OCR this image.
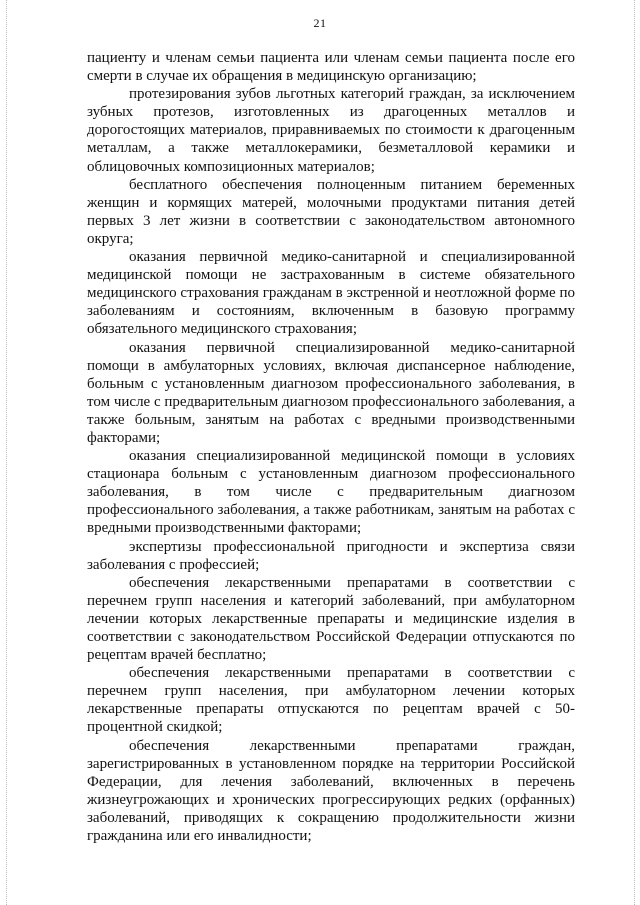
21

пациенту и членам семьи пациента или членам семьи пациента после его смерти в случае их обращения в медицинскую организацию;

протезирования зубов льготных категорий граждан, за исключением зубных протезов, изготовленных из драгоценных металлов и дорогостоящих материалов, приравниваемых по стоимости к драгоценным металлам, а также металлокерамики, безметалловой керамики и облицовочных композиционных материалов;

бесплатного обеспечения полноценным питанием беременных женщин и кормящих матерей, молочными продуктами питания детей первых 3 лет жизни в соответствии с законодательством автономного округа;

оказания первичной медико-санитарной и специализированной медицинской помощи не застрахованным в системе обязательного медицинского страхования гражданам в экстренной и неотложной форме по заболеваниям и состояниям, включенным в базовую программу обязательного медицинского страхования;

оказания первичной специализированной медико-санитарной помощи в амбулаторных условиях, включая диспансерное наблюдение, больным с установленным диагнозом профессионального заболевания, в том числе с предварительным диагнозом профессионального заболевания, а также больным, занятым на работах с вредными производственными факторами;

оказания специализированной медицинской помощи в условиях стационара больным с установленным диагнозом профессионального заболевания, в том числе с предварительным диагнозом профессионального заболевания, а также работникам, занятым на работах с вредными производственными факторами;

экспертизы профессиональной пригодности и экспертиза связи заболевания с профессией;

обеспечения лекарственными препаратами в соответствии с перечнем групп населения и категорий заболеваний, при амбулаторном лечении которых лекарственные препараты и медицинские изделия в соответствии с законодательством Российской Федерации отпускаются по рецептам врачей бесплатно;

обеспечения лекарственными препаратами в соответствии с перечнем групп населения, при амбулаторном лечении которых лекарственные препараты отпускаются по рецептам врачей с 50-процентной скидкой;

обеспечения лекарственными препаратами граждан, зарегистрированных в установленном порядке на территории Российской Федерации, для лечения заболеваний, включенных в перечень жизнеугрожающих и хронических прогрессирующих редких (орфанных) заболеваний, приводящих к сокращению продолжительности жизни гражданина или его инвалидности;
